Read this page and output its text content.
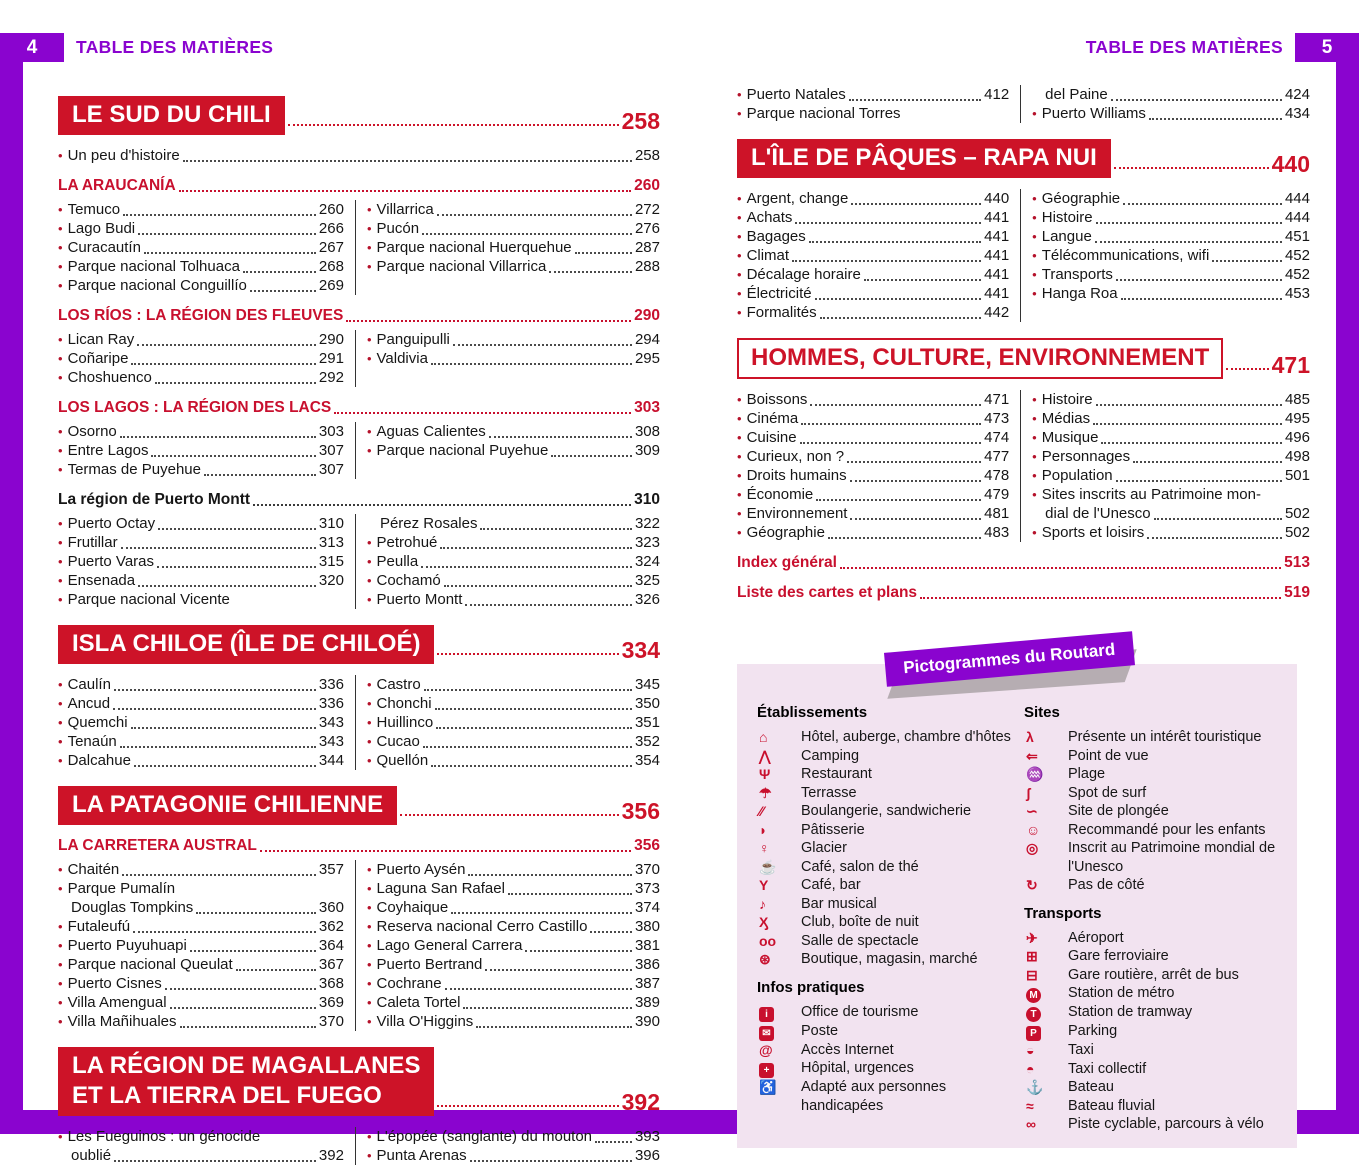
4	5
TABLE DES MATIÈRES	TABLE DES MATIÈRES
LE SUD DU CHILI	258
• Un peu d'histoire	258
LA ARAUCANÍA	260
• Temuco	260
• Lago Budi	266
• Curacautín	267
• Parque nacional Tolhuaca	268
• Parque nacional Conguillío	269
• Villarrica	272
• Pucón	276
• Parque nacional Huerquehue	287
• Parque nacional Villarrica	288
LOS RÍOS : LA RÉGION DES FLEUVES	290
• Lican Ray	290
• Coñaripe	291
• Choshuenco	292
• Panguipulli	294
• Valdivia	295
LOS LAGOS : LA RÉGION DES LACS	303
• Osorno	303
• Entre Lagos	307
• Termas de Puyehue	307
• Aguas Calientes	308
• Parque nacional Puyehue	309
La région de Puerto Montt	310
• Puerto Octay	310
• Frutillar	313
• Puerto Varas	315
• Ensenada	320
• Parque nacional Vicente
Pérez Rosales	322
• Petrohué	323
• Peulla	324
• Cochamó	325
• Puerto Montt	326
ISLA CHILOE (ÎLE DE CHILOÉ)	334
• Caulín	336
• Ancud	336
• Quemchi	343
• Tenaún	343
• Dalcahue	344
• Castro	345
• Chonchi	350
• Huillinco	351
• Cucao	352
• Quellón	354
LA PATAGONIE CHILIENNE	356
LA CARRETERA AUSTRAL	356
• Chaitén	357
• Parque Pumalín
Douglas Tompkins	360
• Futaleufú	362
• Puerto Puyuhuapi	364
• Parque nacional Queulat	367
• Puerto Cisnes	368
• Villa Amengual	369
• Villa Mañihuales	370
• Puerto Aysén	370
• Laguna San Rafael	373
• Coyhaique	374
• Reserva nacional Cerro Castillo	380
• Lago General Carrera	381
• Puerto Bertrand	386
• Cochrane	387
• Caleta Tortel	389
• Villa O'Higgins	390
LA RÉGION DE MAGALLANES
ET LA TIERRA DEL FUEGO	392
• Les Fueguinos : un génocide
oublié	392
• L'épopée (sanglante) du mouton	393
• Punta Arenas	396
• Puerto Natales	412
• Parque nacional Torres
del Paine	424
• Puerto Williams	434
L'ÎLE DE PÂQUES – RAPA NUI	440
• Argent, change	440
• Achats	441
• Bagages	441
• Climat	441
• Décalage horaire	441
• Électricité	441
• Formalités	442
• Géographie	444
• Histoire	444
• Langue	451
• Télécommunications, wifi	452
• Transports	452
• Hanga Roa	453
HOMMES, CULTURE, ENVIRONNEMENT	471
• Boissons	471
• Cinéma	473
• Cuisine	474
• Curieux, non ?	477
• Droits humains	478
• Économie	479
• Environnement	481
• Géographie	483
• Histoire	485
• Médias	495
• Musique	496
• Personnages	498
• Population	501
• Sites inscrits au Patrimoine mon-
dial de l'Unesco	502
• Sports et loisirs	502
Index général	513
Liste des cartes et plans	519
Pictogrammes du Routard
Établissements
⌂	Hôtel, auberge, chambre d'hôtes
⋀	Camping
Ψ	Restaurant
☂	Terrasse
⁄⁄	Boulangerie, sandwicherie
◗	Pâtisserie
♀	Glacier
☕	Café, salon de thé
Y	Café, bar
♪	Bar musical
Ӽ	Club, boîte de nuit
οο	Salle de spectacle
⊛	Boutique, magasin, marché
Infos pratiques
i	Office de tourisme
✉	Poste
@	Accès Internet
+	Hôpital, urgences
♿	Adapté aux personnes handicapées
Sites
λ	Présente un intérêt touristique
⇐	Point de vue
♒	Plage
ʃ	Spot de surf
∽	Site de plongée
☺	Recommandé pour les enfants
◎	Inscrit au Patrimoine mondial de l'Unesco
↻	Pas de côté
Transports
✈	Aéroport
⊞	Gare ferroviaire
⊟	Gare routière, arrêt de bus
M	Station de métro
T	Station de tramway
P	Parking
◒	Taxi
◓	Taxi collectif
⚓	Bateau
≈	Bateau fluvial
∞	Piste cyclable, parcours à vélo
